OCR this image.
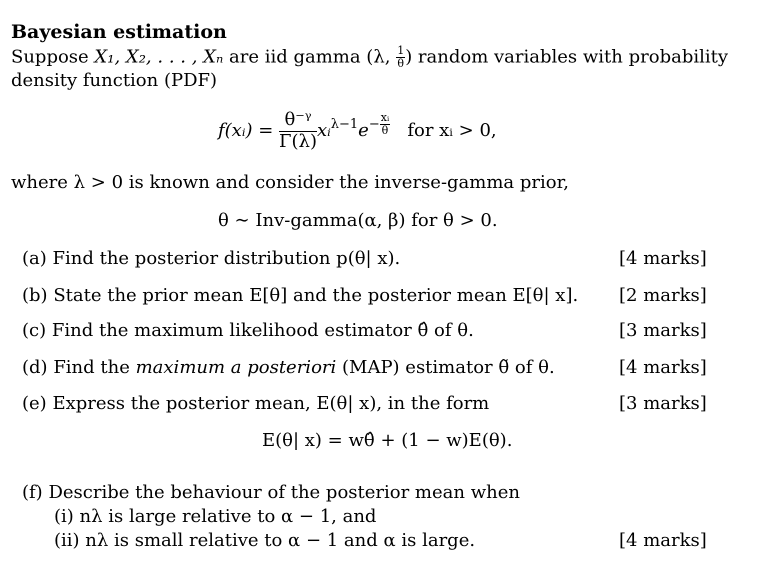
Bayesian estimation
Suppose X₁, X₂, . . . , Xₙ are iid gamma (λ, $\frac{1}{\theta}$ ) random variables with probability
density function (PDF)
f(xᵢ) = $\frac{\text{θ⁻ᵞ}}{\Gamma(\lambda)}$ $xᵢ^{\lambda-1}e^{- \frac{\text{xᵢ}}{\theta}}$ for xᵢ > 0,
where λ > 0 is known and consider the inverse-gamma prior,
θ ∼ Inv-gamma(α, β) for θ > 0.
(a) Find the posterior distribution p(θ| x).	[4 marks]
(b) State the prior mean E[θ] and the posterior mean E[θ| x]. [2 marks]
(c) Find the maximum likelihood estimator θ̂ of θ.	[3 marks]
(d) Find the maximum a posteriori (MAP) estimator θ̃ of θ.	[4 marks]
(e) Express the posterior mean, E(θ| x), in the form	[3 marks]
E(θ| x) = wθ̂ + (1 − w)E(θ).
(f) Describe the behaviour of the posterior mean when
(i) nλ is large relative to α − 1, and
(ii) nλ is small relative to α − 1 and α is large.	[4 marks]
